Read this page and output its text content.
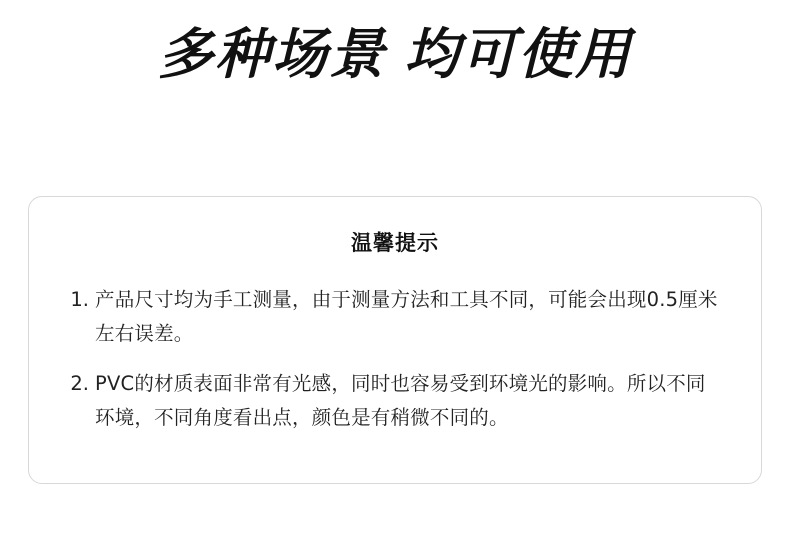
多种场景 均可使用
温馨提示
1. 产品尺寸均为手工测量，由于测量方法和工具不同，可能会出现0.5厘米左右误差。
2. PVC的材质表面非常有光感，同时也容易受到环境光的影响。所以不同环境，不同角度看出点，颜色是有稍微不同的。
